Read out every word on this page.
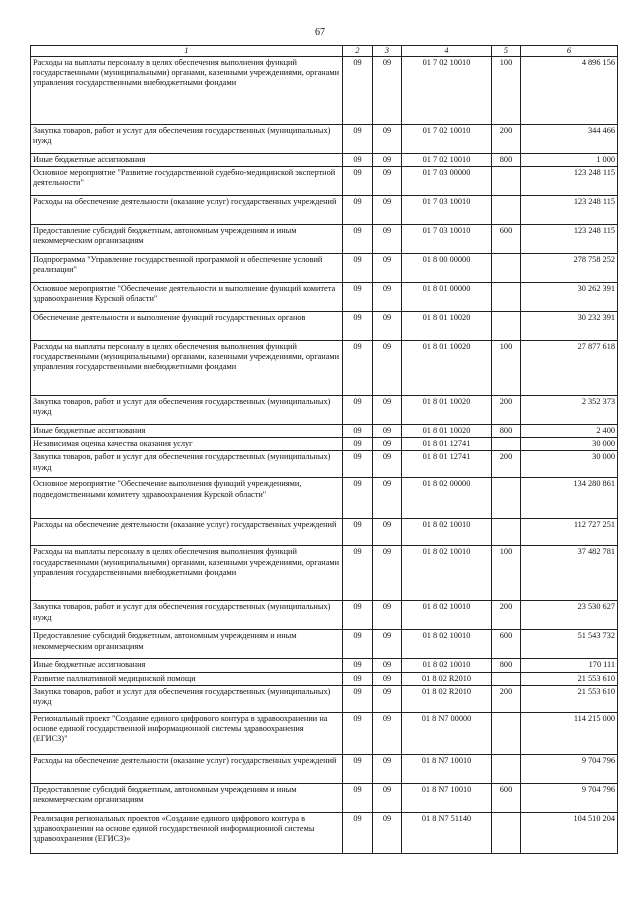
67
1	2	3	4	5	6
Расходы на выплаты персоналу в целях обеспечения выполнения функций государственными (муниципальными) органами, казенными учреждениями, органами управления государственными внебюджетными фондами	09	09	01 7 02 10010	100	4 896 156
Закупка товаров, работ и услуг для обеспечения государственных (муниципальных) нужд	09	09	01 7 02 10010	200	344 466
Иные бюджетные ассигнования	09	09	01 7 02 10010	800	1 000
Основное мероприятие "Развитие государственной судебно-медицинской экспертной деятельности"	09	09	01 7 03 00000		123 248 115
Расходы на обеспечение деятельности (оказание услуг) государственных учреждений	09	09	01 7 03 10010		123 248 115
Предоставление субсидий бюджетным, автономным учреждениям и иным некоммерческим организациям	09	09	01 7 03 10010	600	123 248 115
Подпрограмма "Управление государственной программой и обеспечение условий реализации"	09	09	01 8 00 00000		278 758 252
Основное мероприятие "Обеспечение деятельности и выполнение функций комитета здравоохранения Курской области"	09	09	01 8 01 00000		30 262 391
Обеспечение деятельности и выполнение функций государственных органов	09	09	01 8 01 10020		30 232 391
Расходы на выплаты персоналу в целях обеспечения выполнения функций государственными (муниципальными) органами, казенными учреждениями, органами управления государственными внебюджетными фондами	09	09	01 8 01 10020	100	27 877 618
Закупка товаров, работ и услуг для обеспечения государственных (муниципальных) нужд	09	09	01 8 01 10020	200	2 352 373
Иные бюджетные ассигнования	09	09	01 8 01 10020	800	2 400
Независимая оценка качества оказания услуг	09	09	01 8 01 12741		30 000
Закупка товаров, работ и услуг для обеспечения государственных (муниципальных) нужд	09	09	01 8 01 12741	200	30 000
Основное мероприятие "Обеспечение выполнения функций учреждениями, подведомственными комитету здравоохранения Курской области"	09	09	01 8 02 00000		134 280 861
Расходы на обеспечение деятельности (оказание услуг) государственных учреждений	09	09	01 8 02 10010		112 727 251
Расходы на выплаты персоналу в целях обеспечения выполнения функций государственными (муниципальными) органами, казенными учреждениями, органами управления государственными внебюджетными фондами	09	09	01 8 02 10010	100	37 482 781
Закупка товаров, работ и услуг для обеспечения государственных (муниципальных) нужд	09	09	01 8 02 10010	200	23 530 627
Предоставление субсидий бюджетным, автономным учреждениям и иным некоммерческим организациям	09	09	01 8 02 10010	600	51 543 732
Иные бюджетные ассигнования	09	09	01 8 02 10010	800	170 111
Развитие паллиативной медицинской помощи	09	09	01 8 02 R2010		21 553 610
Закупка товаров, работ и услуг для обеспечения государственных (муниципальных) нужд	09	09	01 8 02 R2010	200	21 553 610
Региональный проект "Создание единого цифрового контура в здравоохранении на основе единой государственной информационной системы здравоохранения (ЕГИСЗ)"	09	09	01 8 N7 00000		114 215 000
Расходы на обеспечение деятельности (оказание услуг) государственных учреждений	09	09	01 8 N7 10010		9 704 796
Предоставление субсидий бюджетным, автономным учреждениям и иным некоммерческим организациям	09	09	01 8 N7 10010	600	9 704 796
Реализация региональных проектов «Создание единого цифрового контура в здравоохранении на основе единой государственной информационной системы здравоохранения (ЕГИСЗ)»	09	09	01 8 N7 51140		104 510 204
